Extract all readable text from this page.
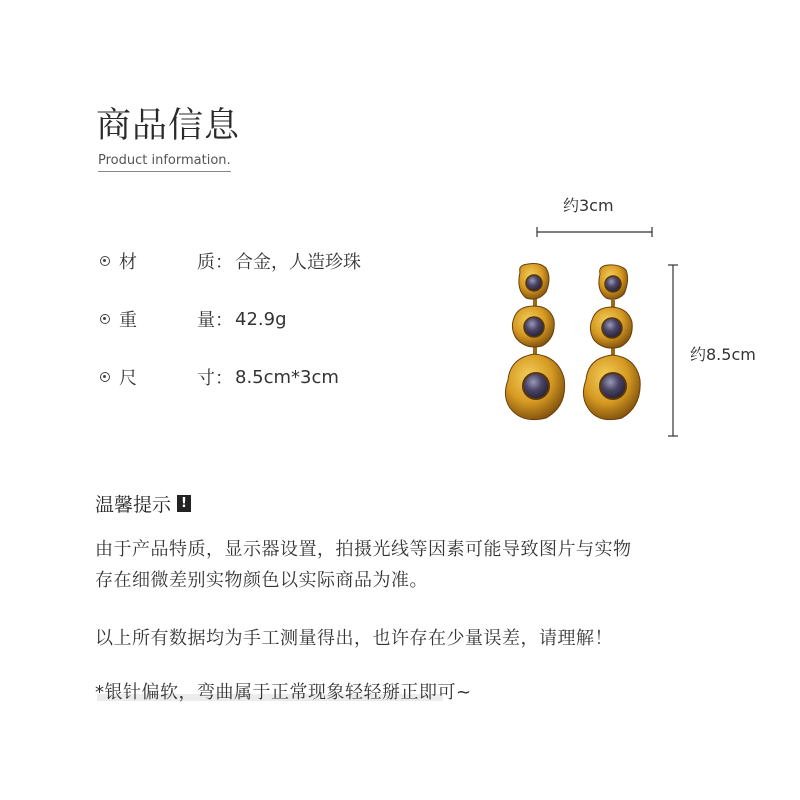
商品信息
Product information.
材	质 ： 合金，人造珍珠
重	量 ： 42.9g
尺	寸 ： 8.5cm*3cm
约3cm
约8.5cm
温馨提示 !
由于产品特质，显示器设置，拍摄光线等因素可能导致图片与实物
存在细微差别实物颜色以实际商品为准。
以上所有数据均为手工测量得出，也许存在少量误差，请理解！
*银针偏软，弯曲属于正常现象轻轻掰正即可~
